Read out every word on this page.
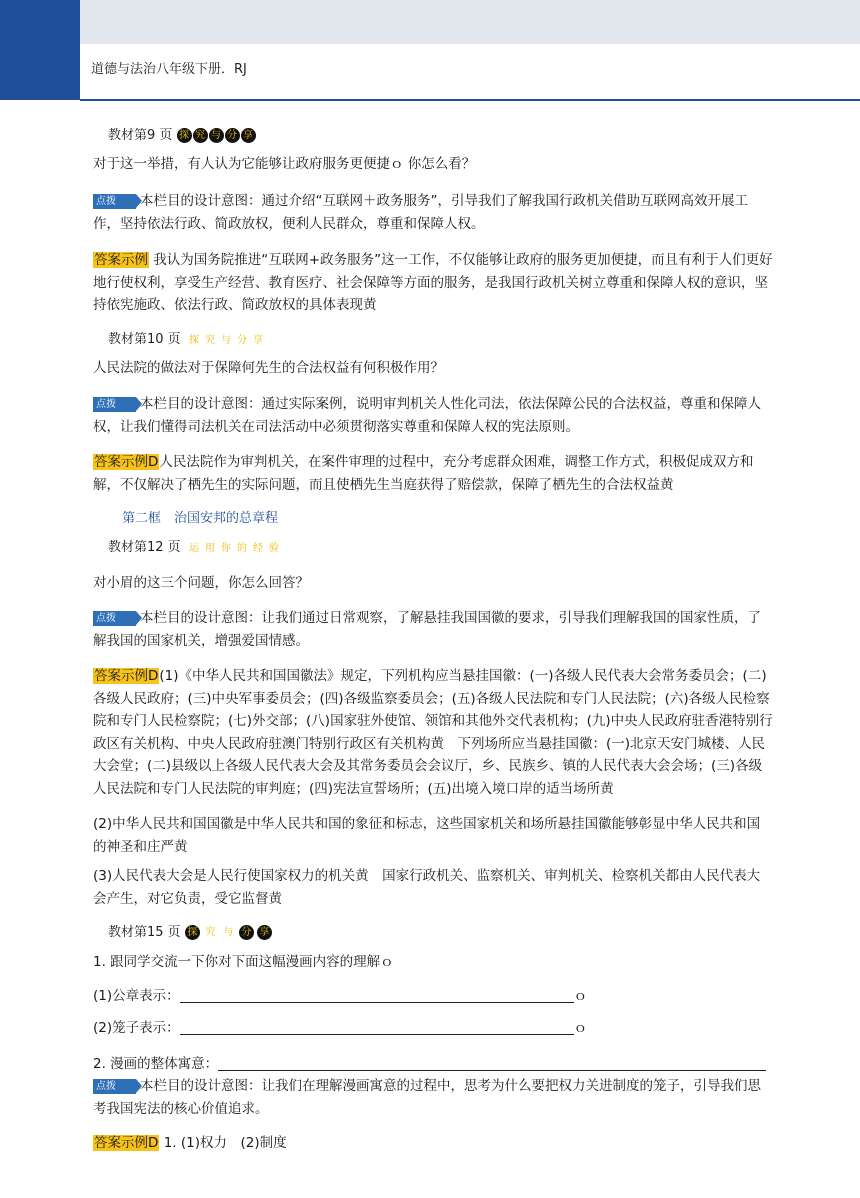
道德与法治八年级下册．RJ
教材第9 页 探 究 与 分 享
对于这一举措，有人认为它能够让政府服务更便捷ｏ 你怎么看？
点拨 本栏目的设计意图：通过介绍“互联网＋政务服务”，引导我们了解我国行政机关借助互联网高效开展工作，坚持依法行政、简政放权，便利人民群众，尊重和保障人权。
答案示例 我认为国务院推进“互联网+政务服务”这一工作，不仅能够让政府的服务更加便捷，而且有利于人们更好地行使权利，享受生产经营、教育医疗、社会保障等方面的服务，是我国行政机关树立尊重和保障人权的意识，坚持依宪施政、依法行政、简政放权的具体表现黄
教材第10 页 探 究 与 分 享
人民法院的做法对于保障何先生的合法权益有何积极作用？
点拨 本栏目的设计意图：通过实际案例，说明审判机关人性化司法，依法保障公民的合法权益，尊重和保障人权，让我们懂得司法机关在司法活动中必须贯彻落实尊重和保障人权的宪法原则。
答案示例D人民法院作为审判机关，在案件审理的过程中，充分考虑群众困难，调整工作方式，积极促成双方和解，不仅解决了栖先生的实际问题，而且使栖先生当庭获得了赔偿款，保障了栖先生的合法权益黄
第二框　治国安邦的总章程
教材第12 页 运 用 你 的 经 验
对小眉的这三个问题，你怎么回答？
点拨 本栏目的设计意图：让我们通过日常观察，了解悬挂我国国徽的要求，引导我们理解我国的国家性质，了解我国的国家机关，增强爱国情感。
答案示例D(1)《中华人民共和国国徽法》规定，下列机构应当悬挂国徽：(一)各级人民代表大会常务委员会；(二)各级人民政府；(三)中央军事委员会；(四)各级监察委员会；(五)各级人民法院和专门人民法院；(六)各级人民检察院和专门人民检察院；(七)外交部；(八)国家驻外使馆、领馆和其他外交代表机构；(九)中央人民政府驻香港特别行政区有关机构、中央人民政府驻澳门特别行政区有关机构黄　下列场所应当悬挂国徽：(一)北京天安门城楼、人民大会堂；(二)县级以上各级人民代表大会及其常务委员会会议厅，乡、民族乡、镇的人民代表大会会场；(三)各级人民法院和专门人民法院的审判庭；(四)宪法宣誓场所；(五)出境入境口岸的适当场所黄
(2)中华人民共和国国徽是中华人民共和国的象征和标志，这些国家机关和场所悬挂国徽能够彰显中华人民共和国的神圣和庄严黄
(3)人民代表大会是人民行使国家权力的机关黄　国家行政机关、监察机关、审判机关、检察机关都由人民代表大会产生，对它负责，受它监督黄
教材第15 页 探 究 与 分 享
1. 跟同学交流一下你对下面这幅漫画内容的理解ｏ
(1)公章表示：	ｏ
(2)笼子表示：	ｏ
2. 漫画的整体寓意：
点拨 本栏目的设计意图：让我们在理解漫画寓意的过程中，思考为什么要把权力关进制度的笼子，引导我们思考我国宪法的核心价值追求。
答案示例D 1. (1)权力　(2)制度
